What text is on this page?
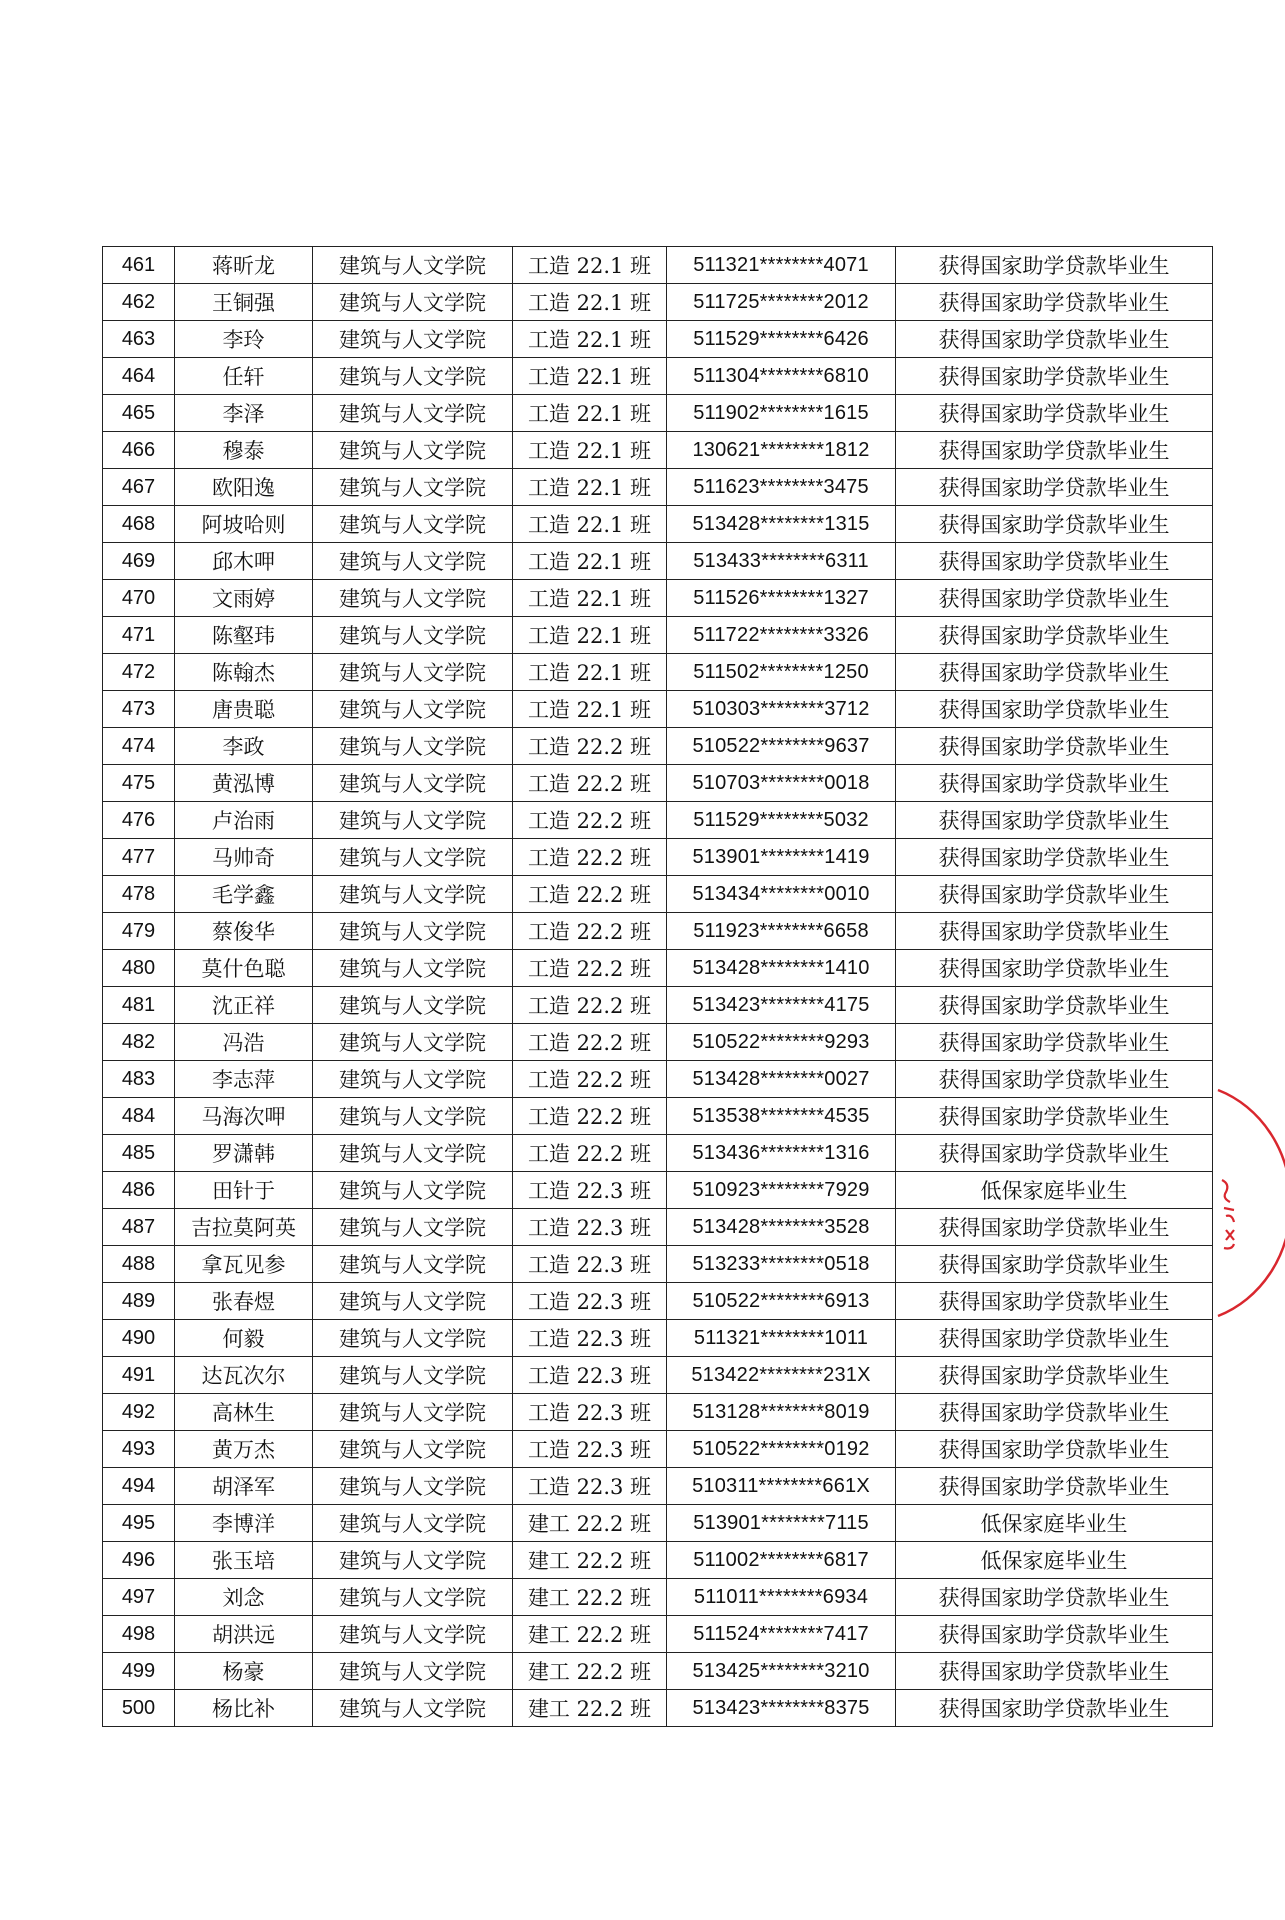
461	蒋昕龙	建筑与人文学院	工造 22.1 班	511321********4071	获得国家助学贷款毕业生
462	王铜强	建筑与人文学院	工造 22.1 班	511725********2012	获得国家助学贷款毕业生
463	李玲	建筑与人文学院	工造 22.1 班	511529********6426	获得国家助学贷款毕业生
464	任轩	建筑与人文学院	工造 22.1 班	511304********6810	获得国家助学贷款毕业生
465	李泽	建筑与人文学院	工造 22.1 班	511902********1615	获得国家助学贷款毕业生
466	穆泰	建筑与人文学院	工造 22.1 班	130621********1812	获得国家助学贷款毕业生
467	欧阳逸	建筑与人文学院	工造 22.1 班	511623********3475	获得国家助学贷款毕业生
468	阿坡哈则	建筑与人文学院	工造 22.1 班	513428********1315	获得国家助学贷款毕业生
469	邱木呷	建筑与人文学院	工造 22.1 班	513433********6311	获得国家助学贷款毕业生
470	文雨婷	建筑与人文学院	工造 22.1 班	511526********1327	获得国家助学贷款毕业生
471	陈壑玮	建筑与人文学院	工造 22.1 班	511722********3326	获得国家助学贷款毕业生
472	陈翰杰	建筑与人文学院	工造 22.1 班	511502********1250	获得国家助学贷款毕业生
473	唐贵聪	建筑与人文学院	工造 22.1 班	510303********3712	获得国家助学贷款毕业生
474	李政	建筑与人文学院	工造 22.2 班	510522********9637	获得国家助学贷款毕业生
475	黄泓博	建筑与人文学院	工造 22.2 班	510703********0018	获得国家助学贷款毕业生
476	卢治雨	建筑与人文学院	工造 22.2 班	511529********5032	获得国家助学贷款毕业生
477	马帅奇	建筑与人文学院	工造 22.2 班	513901********1419	获得国家助学贷款毕业生
478	毛学鑫	建筑与人文学院	工造 22.2 班	513434********0010	获得国家助学贷款毕业生
479	蔡俊华	建筑与人文学院	工造 22.2 班	511923********6658	获得国家助学贷款毕业生
480	莫什色聪	建筑与人文学院	工造 22.2 班	513428********1410	获得国家助学贷款毕业生
481	沈正祥	建筑与人文学院	工造 22.2 班	513423********4175	获得国家助学贷款毕业生
482	冯浩	建筑与人文学院	工造 22.2 班	510522********9293	获得国家助学贷款毕业生
483	李志萍	建筑与人文学院	工造 22.2 班	513428********0027	获得国家助学贷款毕业生
484	马海次呷	建筑与人文学院	工造 22.2 班	513538********4535	获得国家助学贷款毕业生
485	罗潇韩	建筑与人文学院	工造 22.2 班	513436********1316	获得国家助学贷款毕业生
486	田针于	建筑与人文学院	工造 22.3 班	510923********7929	低保家庭毕业生
487	吉拉莫阿英	建筑与人文学院	工造 22.3 班	513428********3528	获得国家助学贷款毕业生
488	拿瓦见参	建筑与人文学院	工造 22.3 班	513233********0518	获得国家助学贷款毕业生
489	张春煜	建筑与人文学院	工造 22.3 班	510522********6913	获得国家助学贷款毕业生
490	何毅	建筑与人文学院	工造 22.3 班	511321********1011	获得国家助学贷款毕业生
491	达瓦次尔	建筑与人文学院	工造 22.3 班	513422********231X	获得国家助学贷款毕业生
492	高林生	建筑与人文学院	工造 22.3 班	513128********8019	获得国家助学贷款毕业生
493	黄万杰	建筑与人文学院	工造 22.3 班	510522********0192	获得国家助学贷款毕业生
494	胡泽军	建筑与人文学院	工造 22.3 班	510311********661X	获得国家助学贷款毕业生
495	李博洋	建筑与人文学院	建工 22.2 班	513901********7115	低保家庭毕业生
496	张玉培	建筑与人文学院	建工 22.2 班	511002********6817	低保家庭毕业生
497	刘念	建筑与人文学院	建工 22.2 班	511011********6934	获得国家助学贷款毕业生
498	胡洪远	建筑与人文学院	建工 22.2 班	511524********7417	获得国家助学贷款毕业生
499	杨豪	建筑与人文学院	建工 22.2 班	513425********3210	获得国家助学贷款毕业生
500	杨比补	建筑与人文学院	建工 22.2 班	513423********8375	获得国家助学贷款毕业生
